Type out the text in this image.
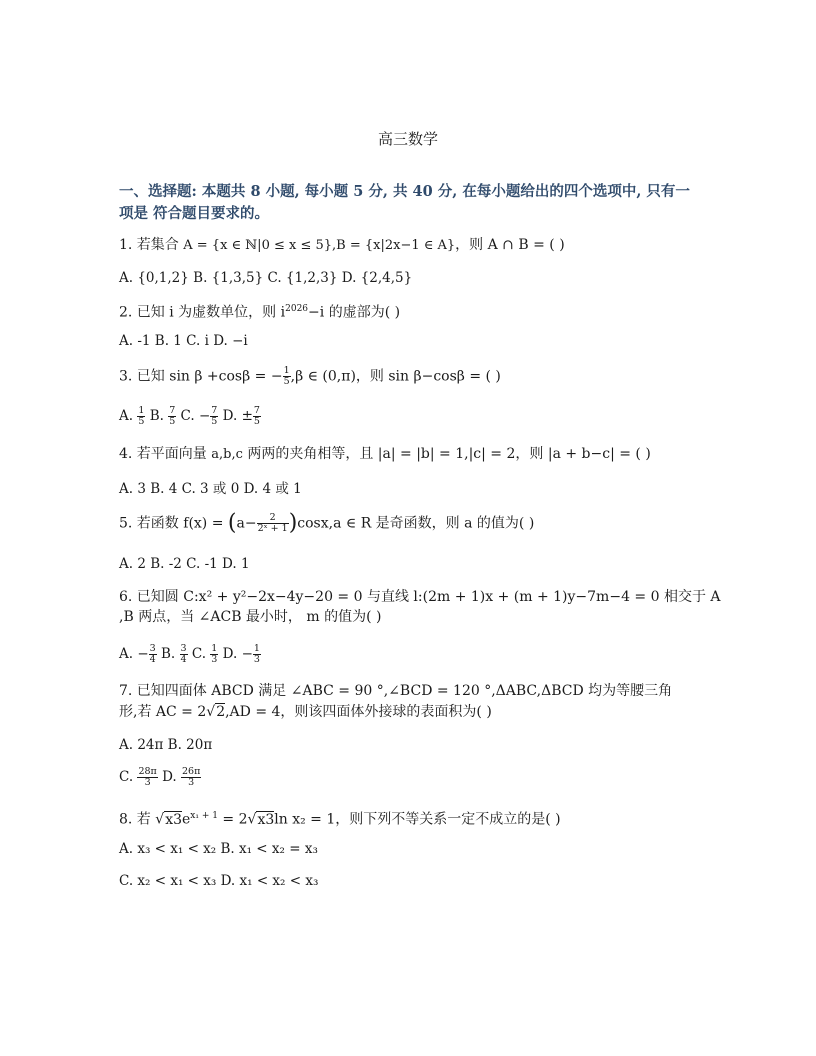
高三数学
一、选择题: 本题共 8 小题, 每小题 5 分, 共 40 分, 在每小题给出的四个选项中, 只有一项是 符合题目要求的。
1. 若集合 A = {x ∈ ℕ|0 ≤ x ≤ 5},B = {x|2x−1 ∈ A}，则 A ∩ B = ( )
A. {0,1,2} B. {1,3,5} C. {1,2,3} D. {2,4,5}
2. 已知 i 为虚数单位，则 $i^{2026}-i$ 的虚部为( )
A. -1 B. 1 C. i D. −i
3. 已知 sin β +cosβ = − $\frac{1}{5} ,\beta$ ∈ (0,π)，则 sin β−cosβ = ( )
A. $\frac{1}{5} B$. $\frac{7}{5} C$. − $\frac{7}{5} D$. ± $\frac{7}{5}$
4. 若平面向量 a,b,c 两两的夹角相等，且 |a| = |b| = 1,|c| = 2，则 |a + b−c| = ( )
A. 3 B. 4 C. 3 或 0 D. 4 或 1
5. 若函数 $f(x) = (a- \frac{2}{\text{2ˣ + 1}} )\cos x,a$ ∈ R 是奇函数，则 a 的值为( )
A. 2 B. -2 C. -1 D. 1
6. 已知圆 C:x² + y²−2x−4y−20 = 0 与直线 l:(2m + 1)x + (m + 1)y−7m−4 = 0 相交于 A
,B 两点，当 ∠ACB 最小时， m 的值为( )
A. − $\frac{3}{4} B$. $\frac{3}{4} C$. $\frac{1}{3} D$. − $\frac{1}{3}$
7. 已知四面体 ABCD 满足 ∠ABC = 90 °,∠BCD = 120 °,ΔABC,ΔBCD 均为等腰三角
形,若 AC = 2√2,AD = 4，则该四面体外接球的表面积为( )
A. 24π B. 20π
C. $\frac{28\pi}{3} D$. $\frac{26\pi}{3}$
8. 若 $√x3e^{x_1 + 1} = 2√x3\ln$ x₂ = 1，则下列不等关系一定不成立的是( )
A. x₃ < x₁ < x₂ B. x₁ < x₂ = x₃
C. x₂ < x₁ < x₃ D. x₁ < x₂ < x₃
